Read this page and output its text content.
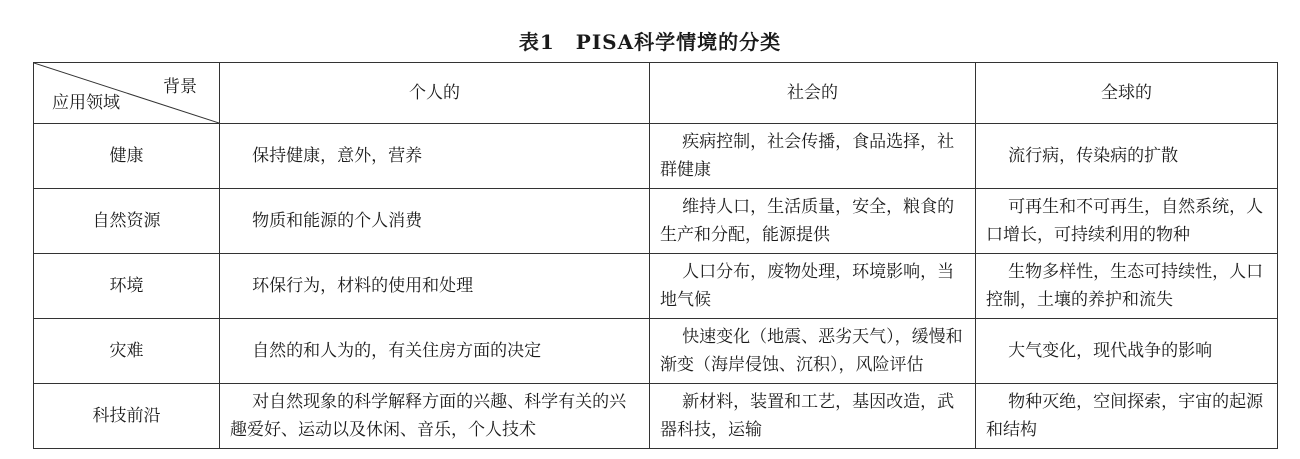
表1　PISA科学情境的分类
背景
应用领域	个人的	社会的	全球的
健康	保持健康，意外，营养	疾病控制，社会传播，食品选择，社群健康	流行病，传染病的扩散

自然资源	物质和能源的个人消费	维持人口，生活质量，安全，粮食的生产和分配，能源提供	可再生和不可再生，自然系统，人口增长，可持续利用的物种

环境	环保行为，材料的使用和处理	人口分布，废物处理，环境影响，当地气候	生物多样性，生态可持续性，人口控制，土壤的养护和流失

灾难	自然的和人为的，有关住房方面的决定	快速变化（地震、恶劣天气），缓慢和渐变（海岸侵蚀、沉积），风险评估	大气变化，现代战争的影响

科技前沿	对自然现象的科学解释方面的兴趣、科学有关的兴趣爱好、运动以及休闲、音乐，个人技术	新材料，装置和工艺，基因改造，武器科技，运输	物种灭绝，空间探索，宇宙的起源和结构
